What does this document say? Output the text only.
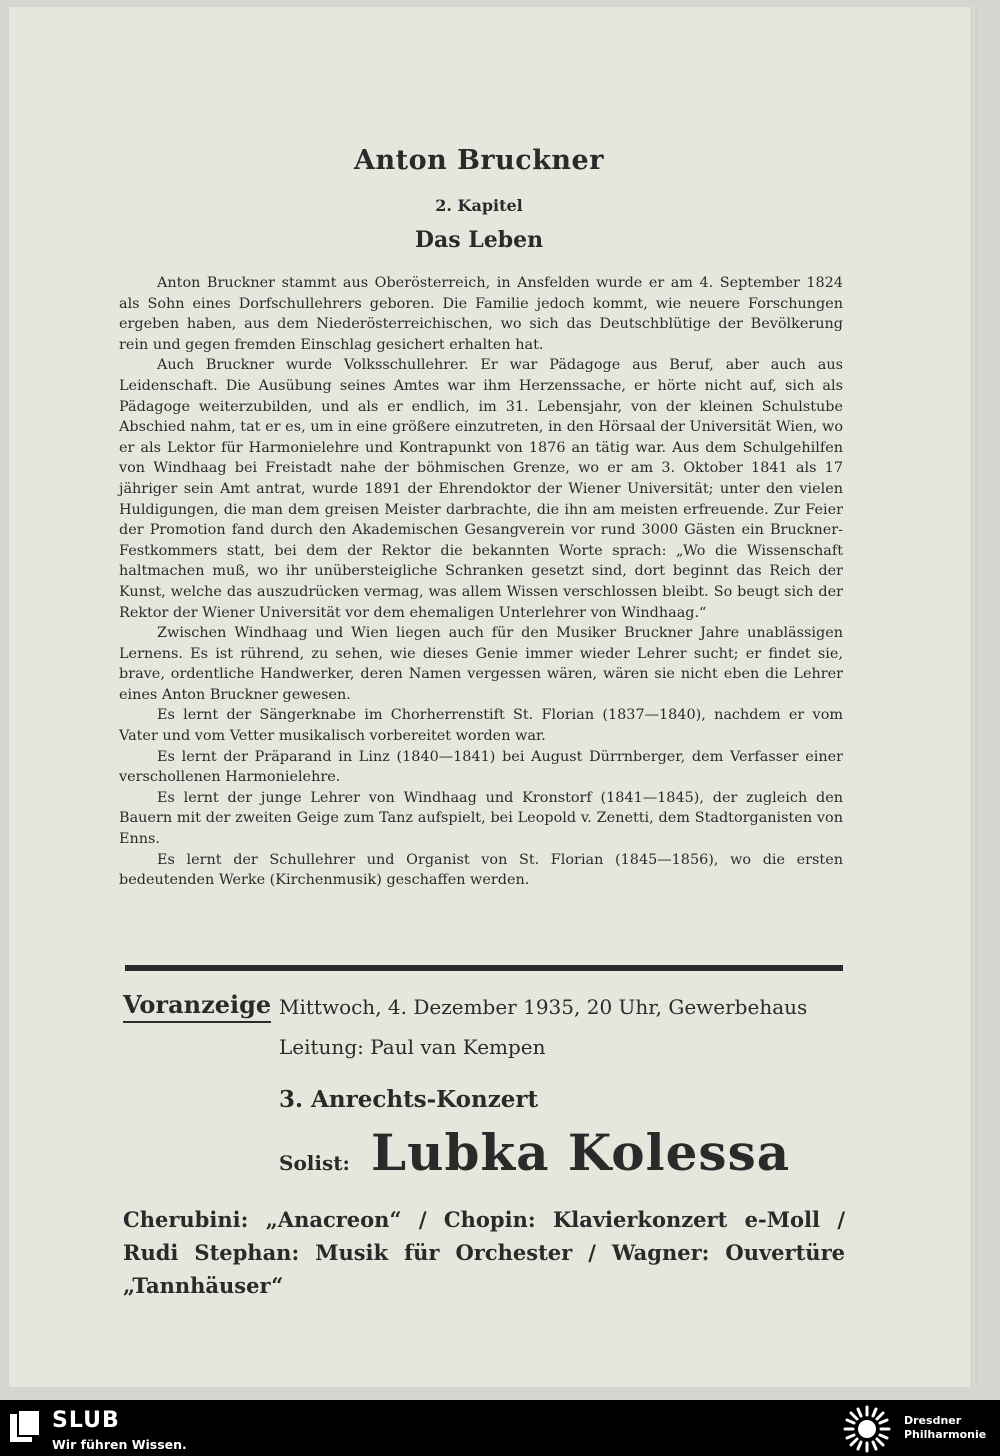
Anton Bruckner
2. Kapitel
Das Leben

Anton Bruckner stammt aus Oberösterreich, in Ansfelden wurde er am 4. September 1824 als Sohn eines Dorfschullehrers geboren. Die Familie jedoch kommt, wie neuere Forschungen ergeben haben, aus dem Niederösterreichischen, wo sich das Deutschblütige der Bevölkerung rein und gegen fremden Einschlag gesichert erhalten hat.

Auch Bruckner wurde Volksschullehrer. Er war Pädagoge aus Beruf, aber auch aus Leidenschaft. Die Ausübung seines Amtes war ihm Herzenssache, er hörte nicht auf, sich als Pädagoge weiterzubilden, und als er endlich, im 31. Lebensjahr, von der kleinen Schulstube Abschied nahm, tat er es, um in eine größere einzutreten, in den Hörsaal der Universität Wien, wo er als Lektor für Harmonielehre und Kontrapunkt von 1876 an tätig war. Aus dem Schulgehilfen von Windhaag bei Freistadt nahe der böhmischen Grenze, wo er am 3. Oktober 1841 als 17 jähriger sein Amt antrat, wurde 1891 der Ehrendoktor der Wiener Universität; unter den vielen Huldigungen, die man dem greisen Meister darbrachte, die ihn am meisten erfreuende. Zur Feier der Promotion fand durch den Akademischen Gesangverein vor rund 3000 Gästen ein Bruckner-Festkommers statt, bei dem der Rektor die bekannten Worte sprach: „Wo die Wissenschaft haltmachen muß, wo ihr unübersteigliche Schranken gesetzt sind, dort beginnt das Reich der Kunst, welche das auszudrücken vermag, was allem Wissen verschlossen bleibt. So beugt sich der Rektor der Wiener Universität vor dem ehemaligen Unterlehrer von Windhaag.“

Zwischen Windhaag und Wien liegen auch für den Musiker Bruckner Jahre unablässigen Lernens. Es ist rührend, zu sehen, wie dieses Genie immer wieder Lehrer sucht; er findet sie, brave, ordentliche Handwerker, deren Namen vergessen wären, wären sie nicht eben die Lehrer eines Anton Bruckner gewesen.

Es lernt der Sängerknabe im Chorherrenstift St. Florian (1837—1840), nachdem er vom Vater und vom Vetter musikalisch vorbereitet worden war.

Es lernt der Präparand in Linz (1840—1841) bei August Dürrnberger, dem Verfasser einer verschollenen Harmonielehre.

Es lernt der junge Lehrer von Windhaag und Kronstorf (1841—1845), der zugleich den Bauern mit der zweiten Geige zum Tanz aufspielt, bei Leopold v. Zenetti, dem Stadtorganisten von Enns.

Es lernt der Schullehrer und Organist von St. Florian (1845—1856), wo die ersten bedeutenden Werke (Kirchenmusik) geschaffen werden.

Voranzeige Mittwoch, 4. Dezember 1935, 20 Uhr, Gewerbehaus
Leitung: Paul van Kempen
3. Anrechts-Konzert
Solist: Lubka Kolessa
Cherubini: „Anacreon“ / Chopin: Klavierkonzert e-Moll / Rudi Stephan: Musik für Orchester / Wagner: Ouvertüre „Tannhäuser“
SLUB
Wir führen Wissen.
Dresdner
Philharmonie
